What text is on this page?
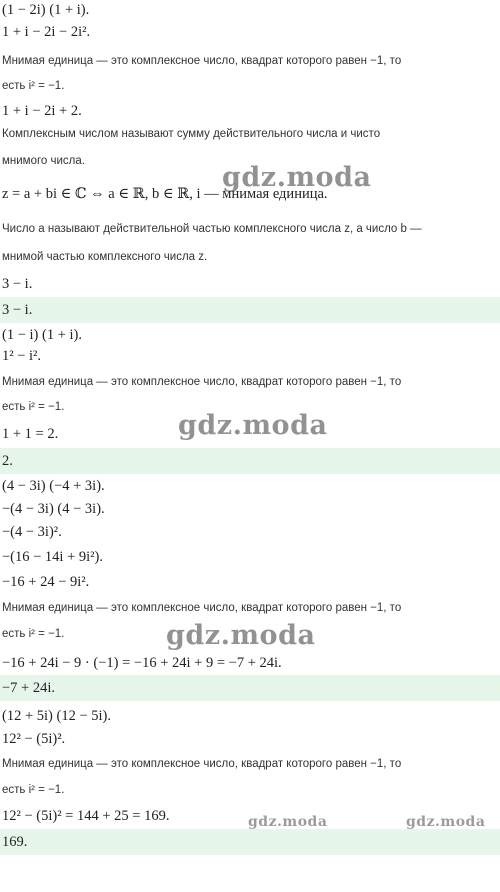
(1 − 2i) (1 + i).
1 + i − 2i − 2i².
Мнимая единица — это комплексное число, квадрат которого равен −1, то
есть i² = −1.
1 + i − 2i + 2.
Комплексным числом называют сумму действительного числа и чисто
мнимого числа.
z = a + bi ∈ ℂ ⇔ a ∈ ℝ, b ∈ ℝ, i — мнимая единица.
Число a называют действительной частью комплексного числа z, а число b —
мнимой частью комплексного числа z.
3 − i.
3 − i.
(1 − i) (1 + i).
1² − i².
Мнимая единица — это комплексное число, квадрат которого равен −1, то
есть i² = −1.
1 + 1 = 2.
2.
(4 − 3i) (−4 + 3i).
−(4 − 3i) (4 − 3i).
−(4 − 3i)².
−(16 − 14i + 9i²).
−16 + 24 − 9i².
Мнимая единица — это комплексное число, квадрат которого равен −1, то
есть i² = −1.
−16 + 24i − 9 · (−1) = −16 + 24i + 9 = −7 + 24i.
−7 + 24i.
(12 + 5i) (12 − 5i).
12² − (5i)².
Мнимая единица — это комплексное число, квадрат которого равен −1, то
есть i² = −1.
12² − (5i)² = 144 + 25 = 169.
169.
gdz.moda
gdz.moda
gdz.moda
gdz.moda	gdz.moda
